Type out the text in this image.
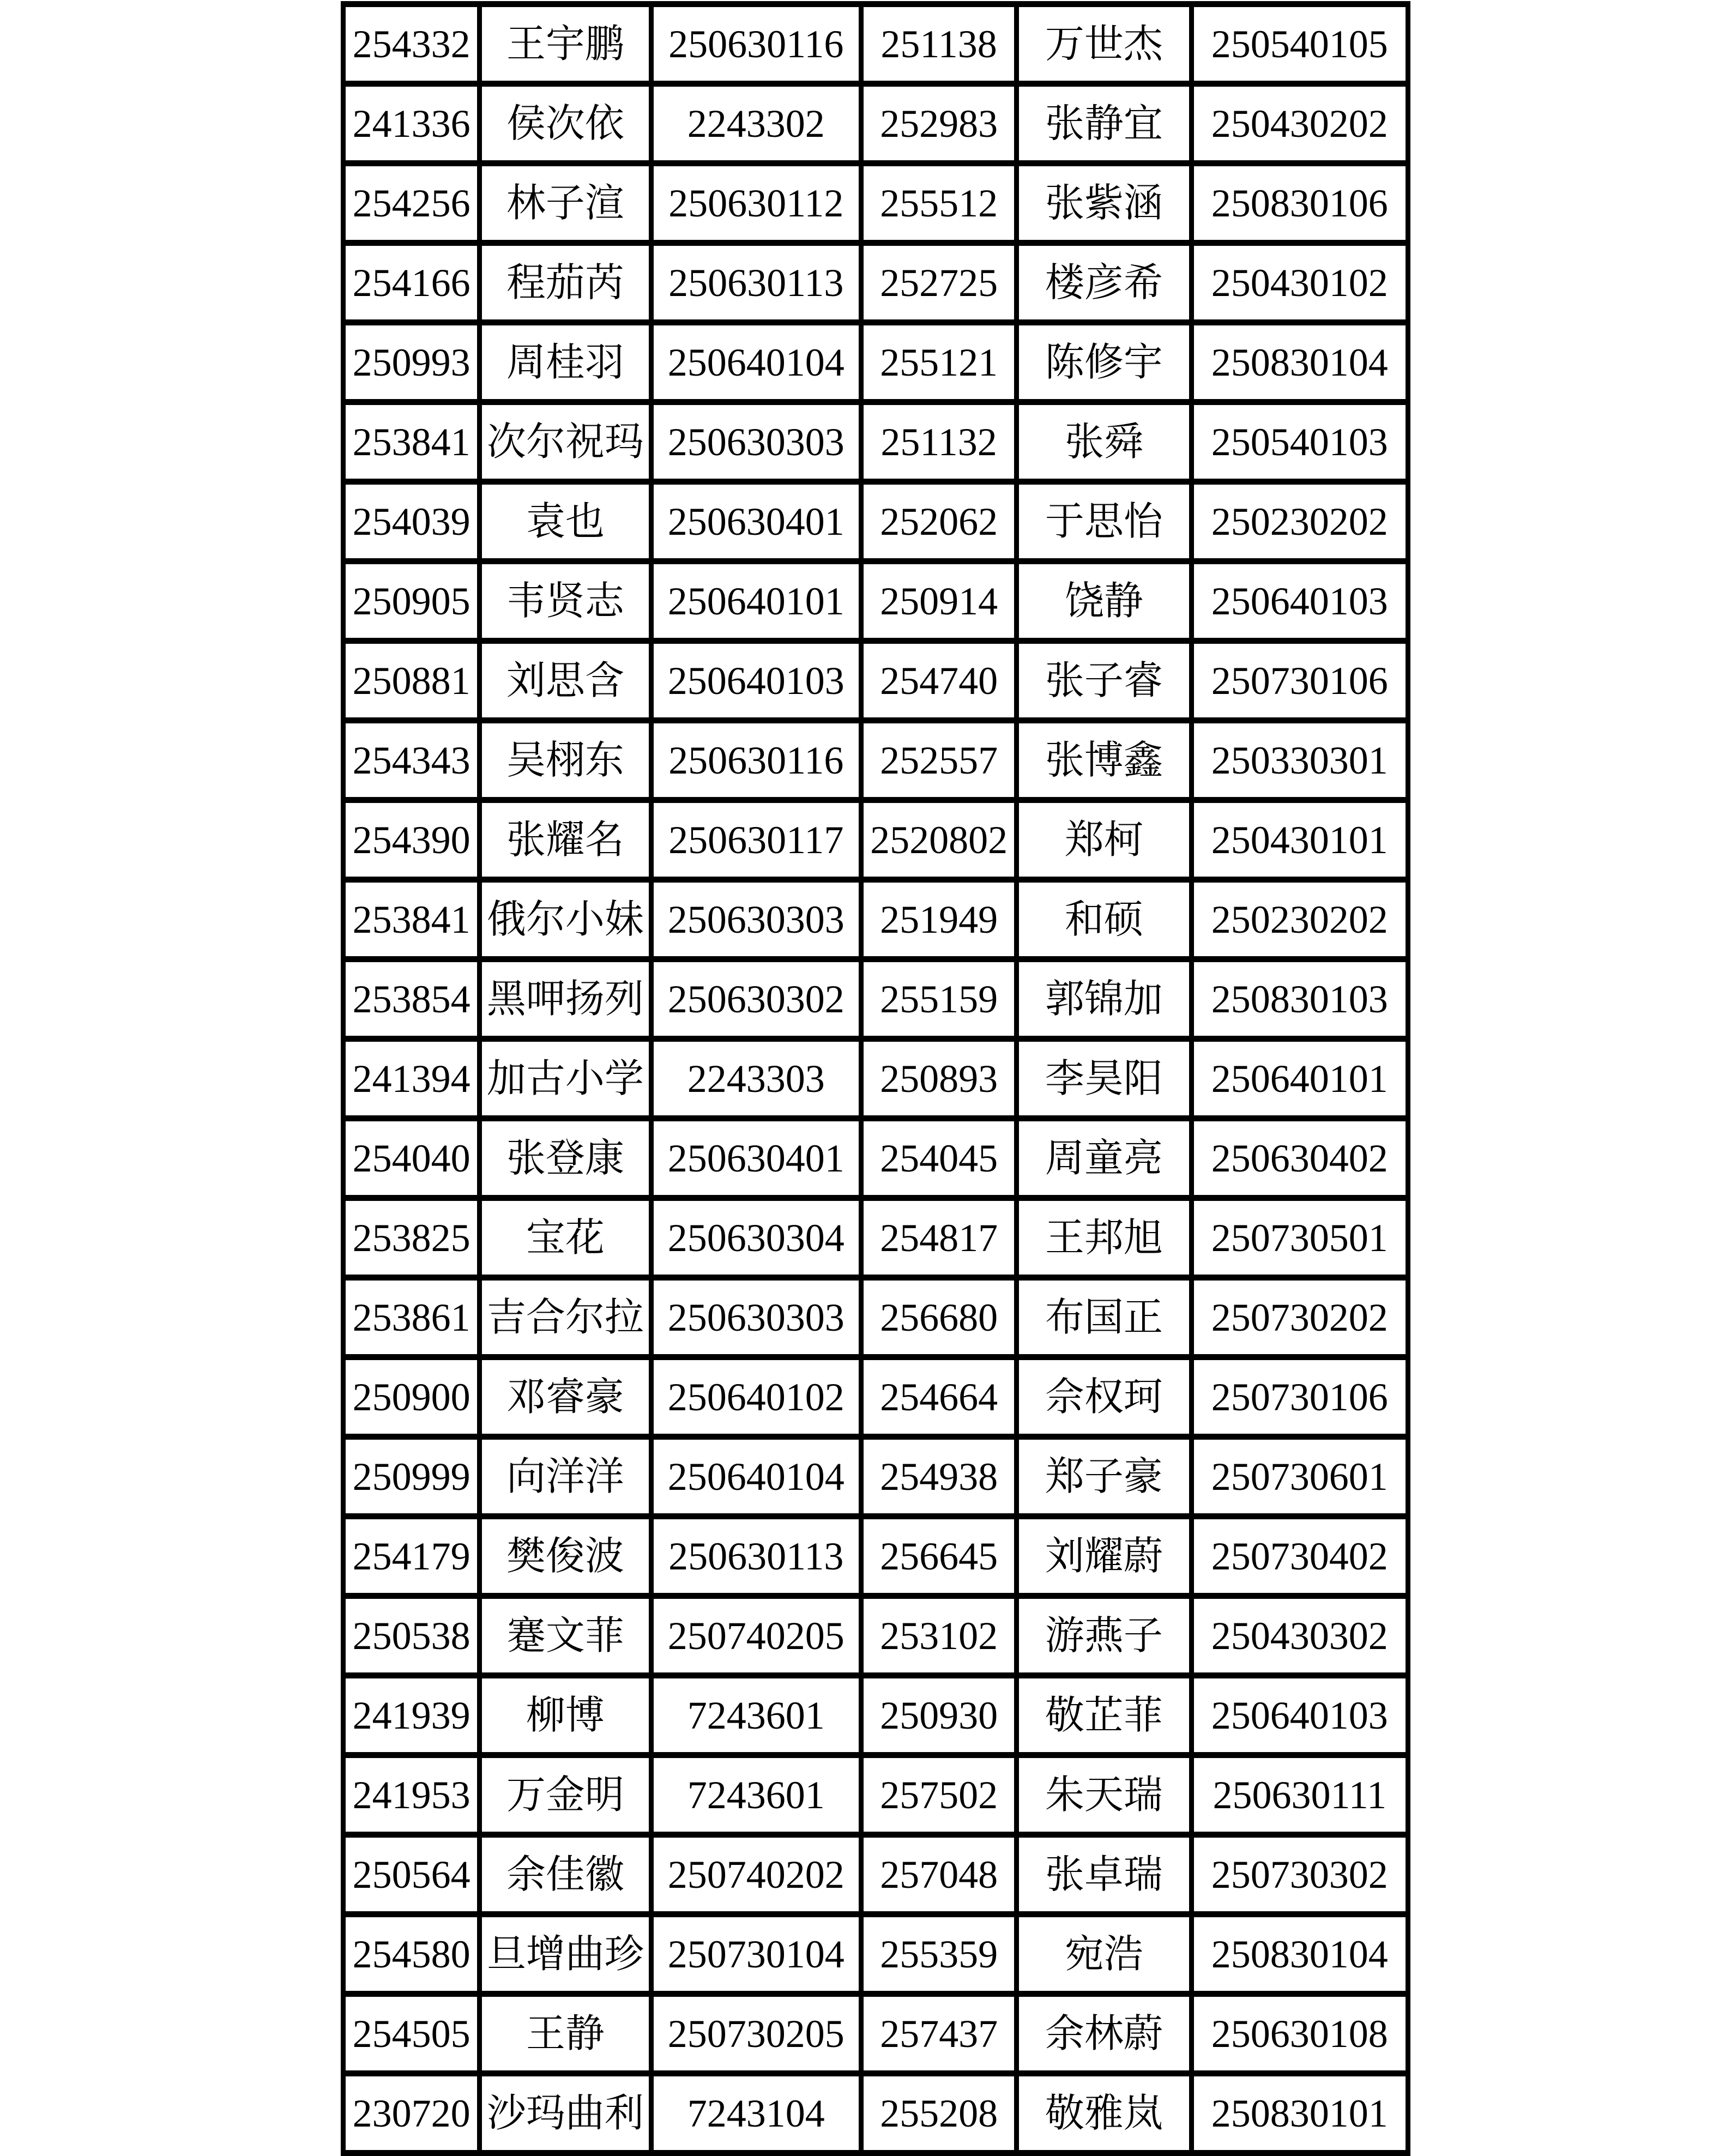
254332	王宇鹏	250630116	251138	万世杰	250540105
241336	侯次依	2243302	252983	张静宜	250430202
254256	林子渲	250630112	255512	张紫涵	250830106
254166	程茄芮	250630113	252725	楼彦希	250430102
250993	周桂羽	250640104	255121	陈修宇	250830104
253841	次尔祝玛	250630303	251132	张舜	250540103
254039	袁也	250630401	252062	于思怡	250230202
250905	韦贤志	250640101	250914	饶静	250640103
250881	刘思含	250640103	254740	张子睿	250730106
254343	吴栩东	250630116	252557	张博鑫	250330301
254390	张耀名	250630117	2520802	郑柯	250430101
253841	俄尔小妹	250630303	251949	和硕	250230202
253854	黑呷扬列	250630302	255159	郭锦加	250830103
241394	加古小学	2243303	250893	李昊阳	250640101
254040	张登康	250630401	254045	周童亮	250630402
253825	宝花	250630304	254817	王邦旭	250730501
253861	吉合尔拉	250630303	256680	布国正	250730202
250900	邓睿豪	250640102	254664	佘权珂	250730106
250999	向洋洋	250640104	254938	郑子豪	250730601
254179	樊俊波	250630113	256645	刘耀蔚	250730402
250538	蹇文菲	250740205	253102	游燕子	250430302
241939	柳博	7243601	250930	敬芷菲	250640103
241953	万金明	7243601	257502	朱天瑞	250630111
250564	余佳徽	250740202	257048	张卓瑞	250730302
254580	旦增曲珍	250730104	255359	宛浩	250830104
254505	王静	250730205	257437	余林蔚	250630108
230720	沙玛曲利	7243104	255208	敬雅岚	250830101
